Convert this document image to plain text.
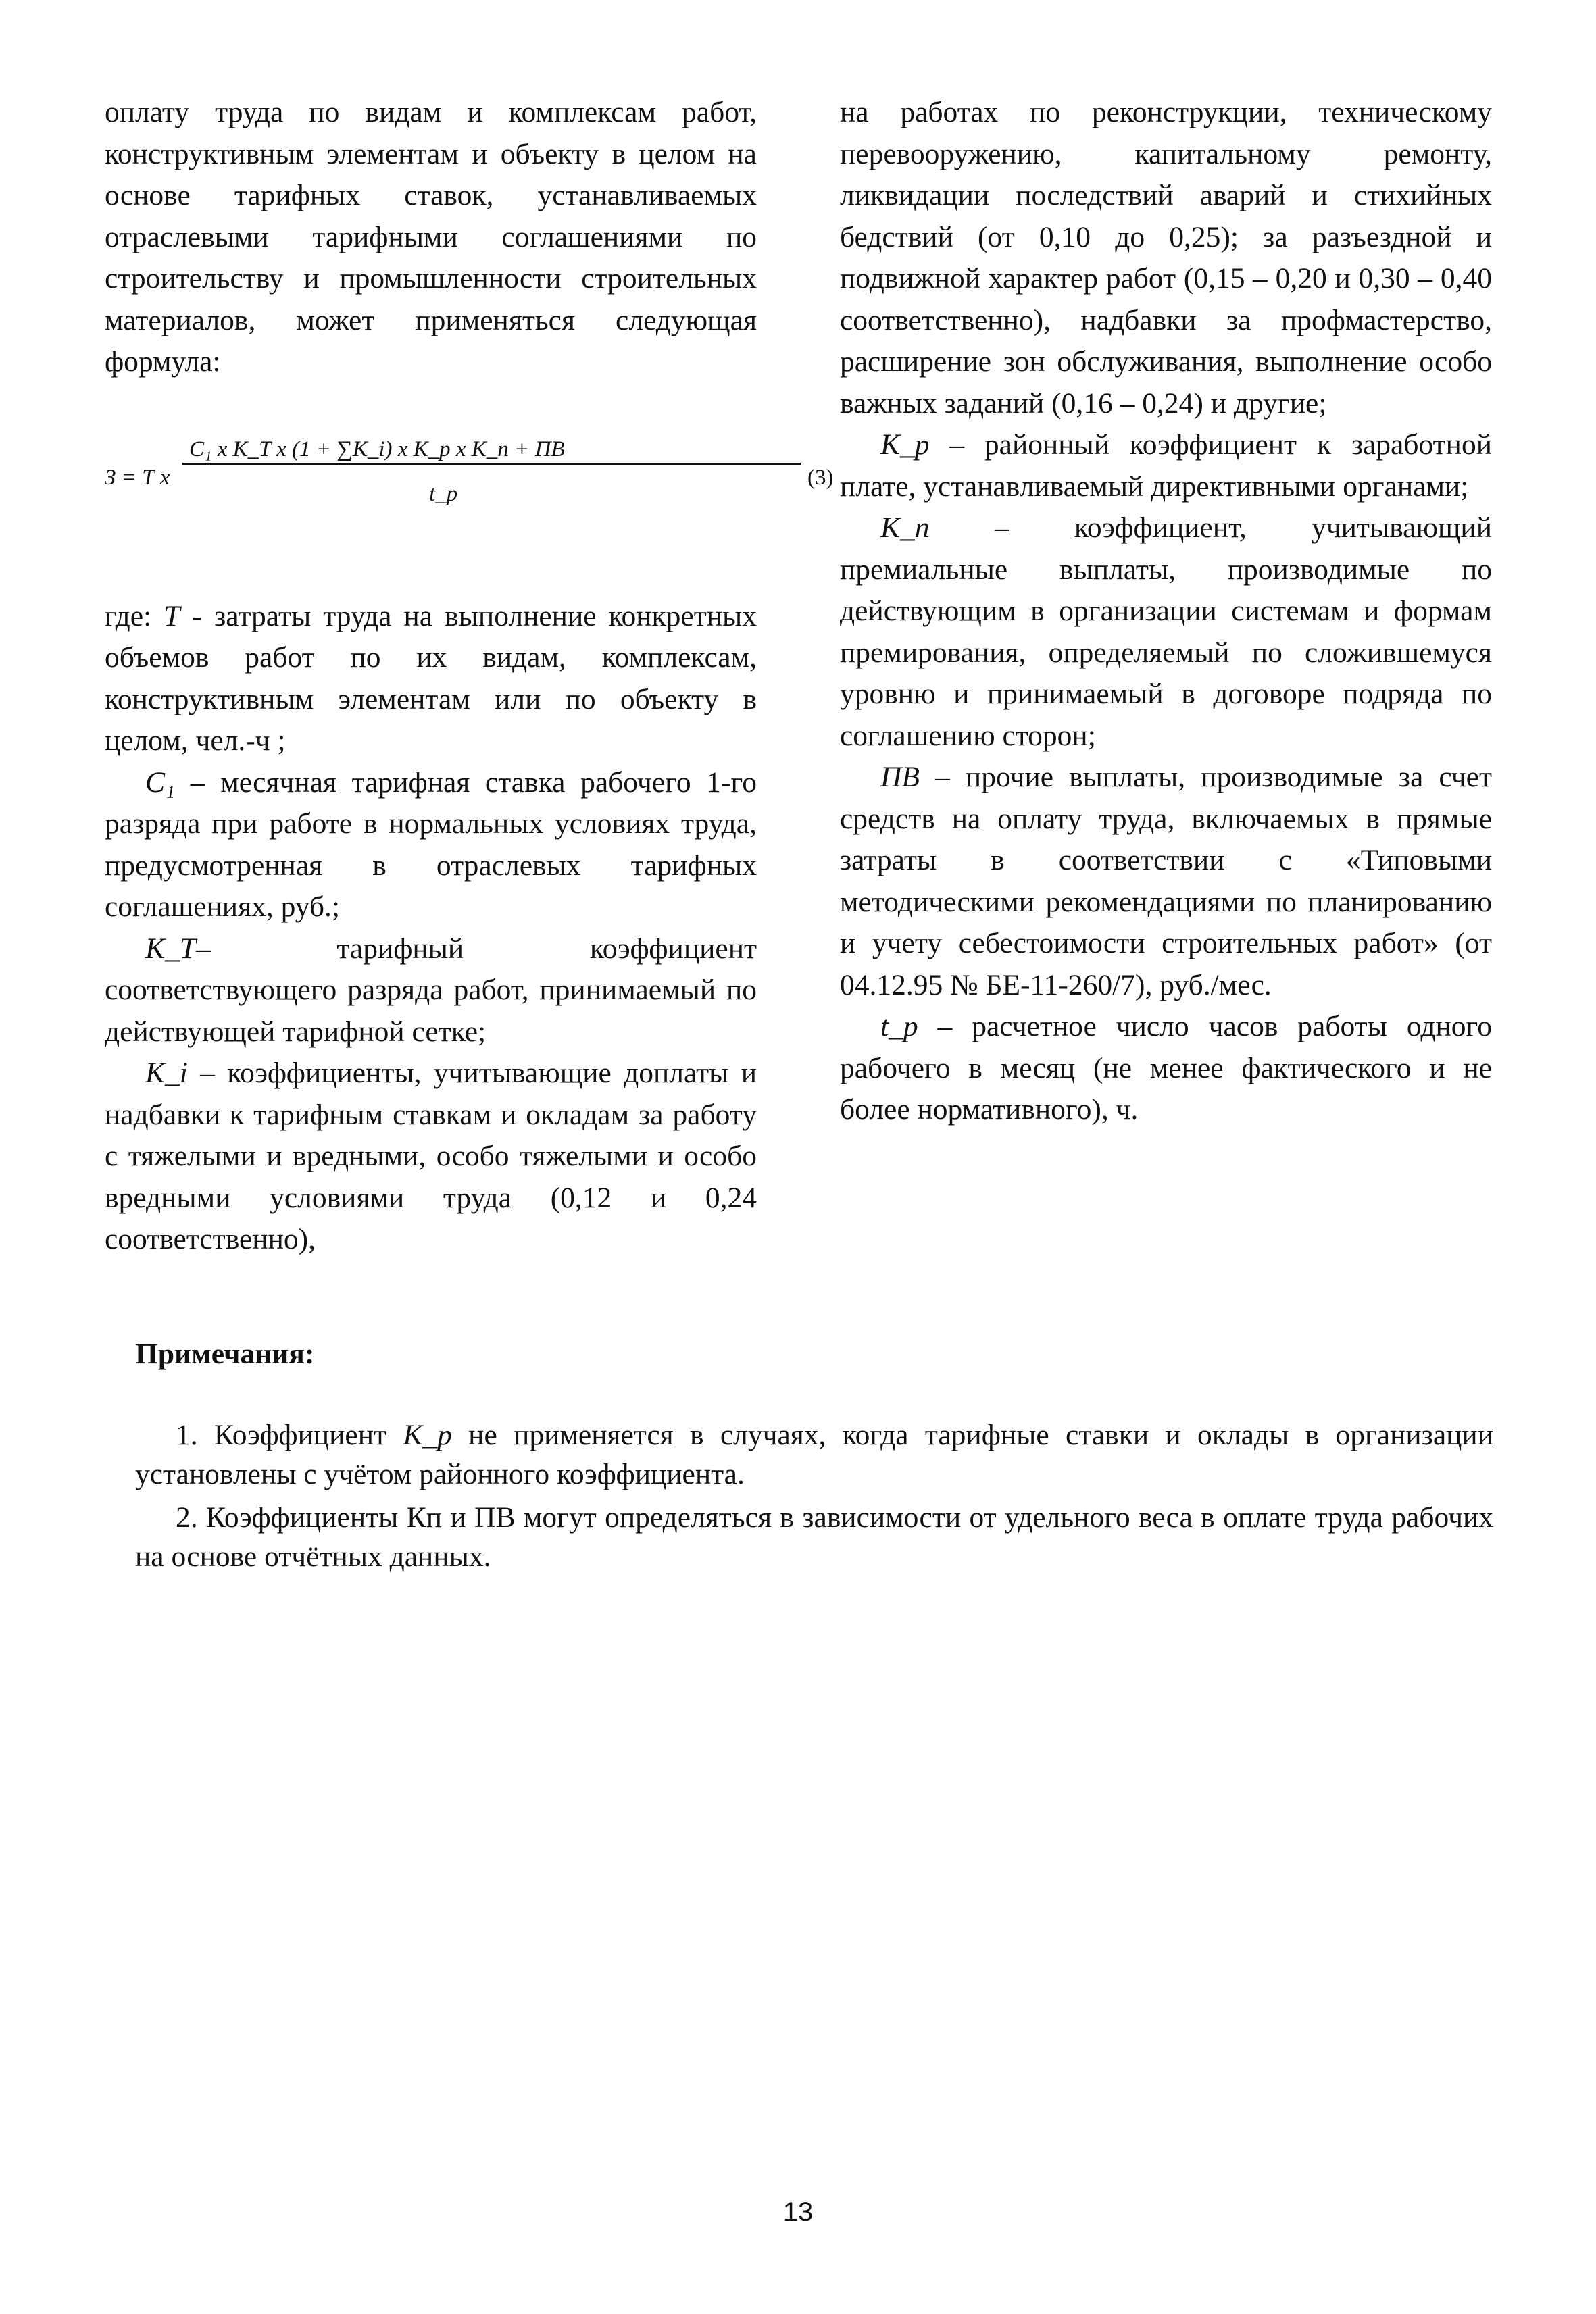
оплату труда по видам и комплексам работ, конструктивным элементам и объекту в целом на основе тарифных ставок, устанавливаемых отраслевыми тарифными соглашениями по строительству и промышленности строительных материалов, может применяться следующая формула:

З = Т x
C₁ x K_T x (1 + ∑K_i) x K_p x K_п + ПВ
t_p
(3)

где: Т - затраты труда на выполнение конкретных объемов работ по их видам, комплексам, конструктивным элементам или по объекту в целом, чел.-ч ;

C₁ – месячная тарифная ставка рабочего 1-го разряда при работе в нормальных условиях труда, предусмотренная в отраслевых тарифных соглашениях, руб.;

K_T– тарифный коэффициент соответствующего разряда работ, принимаемый по действующей тарифной сетке;

K_i – коэффициенты, учитывающие доплаты и надбавки к тарифным ставкам и окладам за работу с тяжелыми и вредными, особо тяжелыми и особо вредными условиями труда (0,12 и 0,24 соответственно),

на работах по реконструкции, техническому перевооружению, капитальному ремонту, ликвидации последствий аварий и стихийных бедствий (от 0,10 до 0,25); за разъездной и подвижной характер работ (0,15 – 0,20 и 0,30 – 0,40 соответственно), надбавки за профмастерство, расширение зон обслуживания, выполнение особо важных заданий (0,16 – 0,24) и другие;

K_p – районный коэффициент к заработной плате, устанавливаемый директивными органами;

K_п – коэффициент, учитывающий премиальные выплаты, производимые по действующим в организации системам и формам премирования, определяемый по сложившемуся уровню и принимаемый в договоре подряда по соглашению сторон;

ПВ – прочие выплаты, производимые за счет средств на оплату труда, включаемых в прямые затраты в соответствии с «Типовыми методическими рекомендациями по планированию и учету себестоимости строительных работ» (от 04.12.95 № БЕ-11-260/7), руб./мес.

t_p – расчетное число часов работы одного рабочего в месяц (не менее фактического и не более нормативного), ч.

Примечания:

1. Коэффициент K_p не применяется в случаях, когда тарифные ставки и оклады в организации установлены с учётом районного коэффициента.

2. Коэффициенты Кп и ПВ могут определяться в зависимости от удельного веса в оплате труда рабочих на основе отчётных данных.

13
